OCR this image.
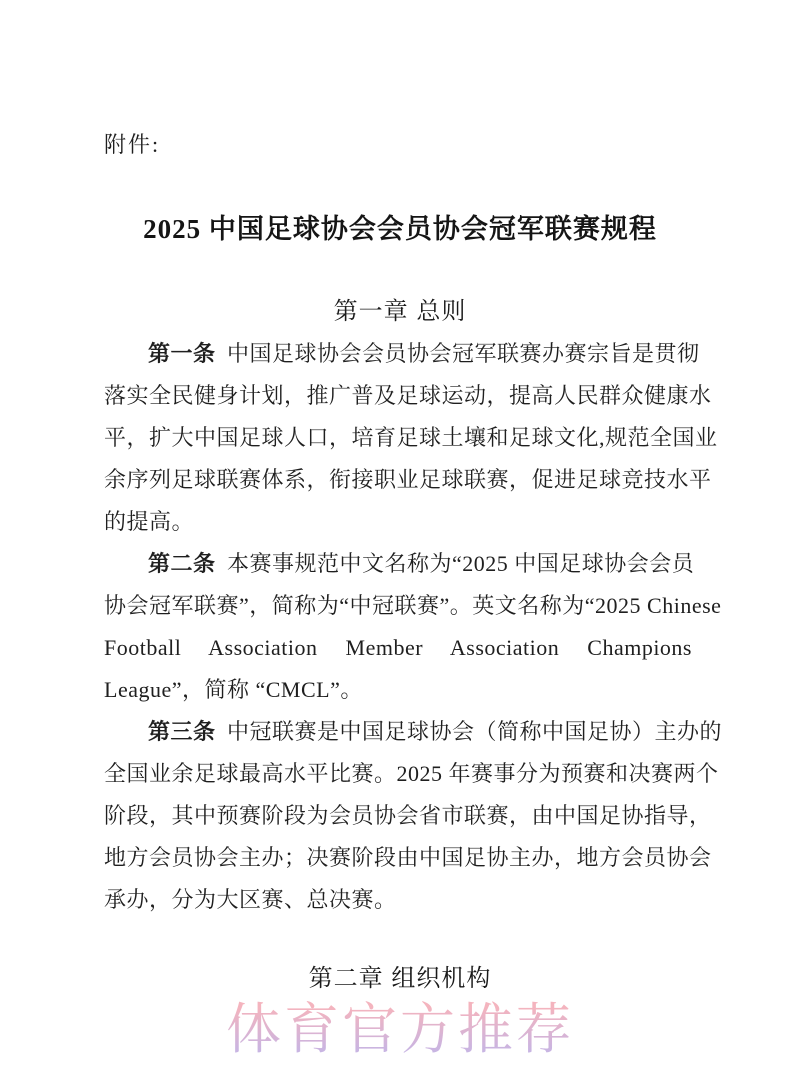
附件:
2025 中国足球协会会员协会冠军联赛规程
第一章 总则
第一条 中国足球协会会员协会冠军联赛办赛宗旨是贯彻
落实全民健身计划，推广普及足球运动，提高人民群众健康水
平，扩大中国足球人口，培育足球土壤和足球文化,规范全国业
余序列足球联赛体系，衔接职业足球联赛，促进足球竞技水平
的提高。
第二条 本赛事规范中文名称为“2025 中国足球协会会员
协会冠军联赛”，简称为“中冠联赛”。英文名称为“2025 Chinese
Football Association Member Association Champions
League”，简称 “CMCL”。
第三条 中冠联赛是中国足球协会（简称中国足协）主办的
全国业余足球最高水平比赛。2025 年赛事分为预赛和决赛两个
阶段，其中预赛阶段为会员协会省市联赛，由中国足协指导，
地方会员协会主办；决赛阶段由中国足协主办，地方会员协会
承办，分为大区赛、总决赛。
第二章 组织机构
体育官方推荐
